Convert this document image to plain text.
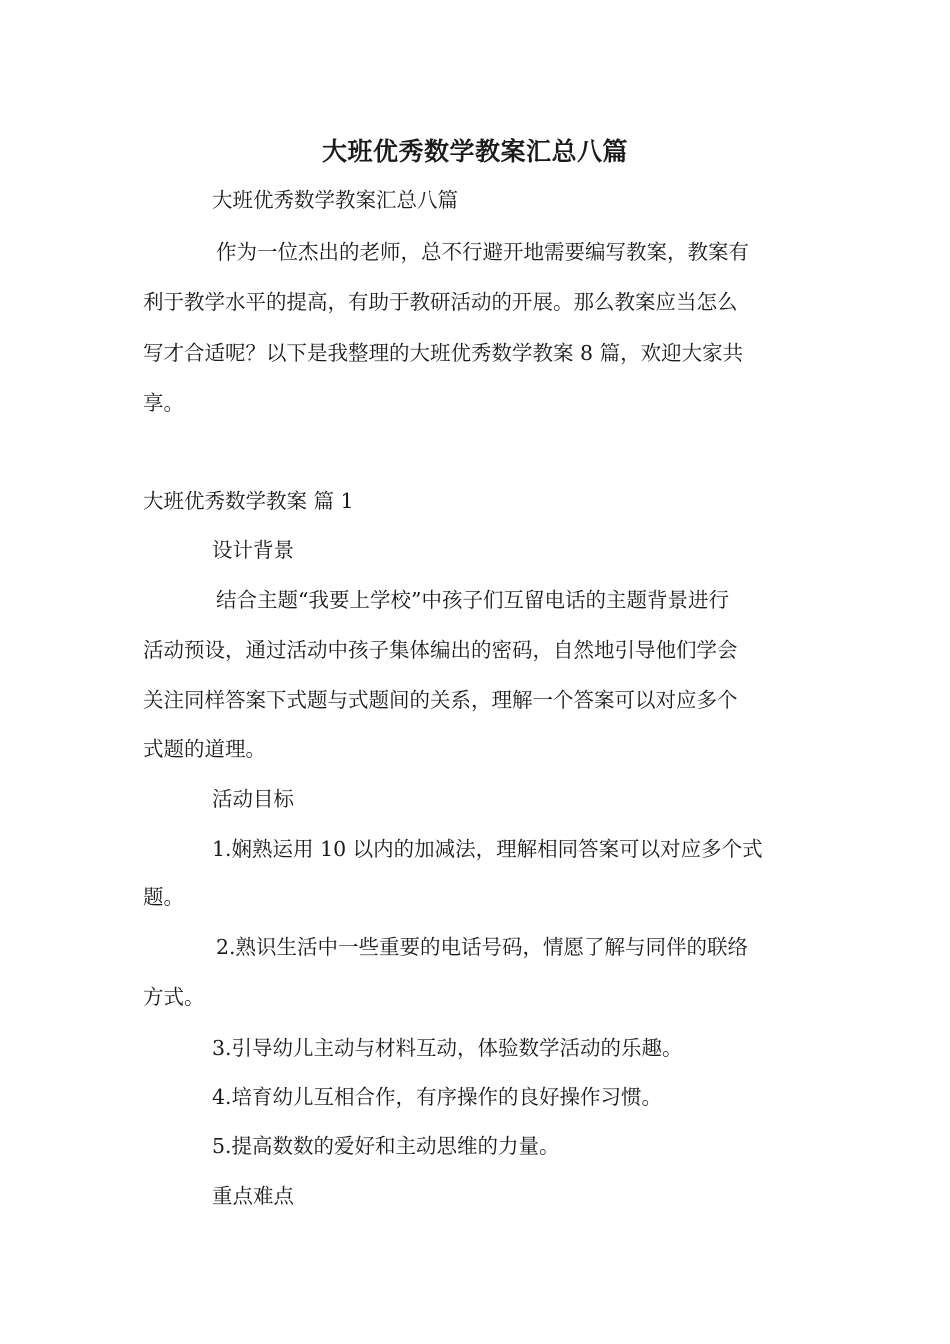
大班优秀数学教案汇总八篇
大班优秀数学教案汇总八篇
作为一位杰出的老师，总不行避开地需要编写教案，教案有
利于教学水平的提高，有助于教研活动的开展。那么教案应当怎么
写才合适呢？以下是我整理的大班优秀数学教案 8 篇，欢迎大家共
享。
大班优秀数学教案 篇 1
设计背景
结合主题“我要上学校”中孩子们互留电话的主题背景进行
活动预设，通过活动中孩子集体编出的密码，自然地引导他们学会
关注同样答案下式题与式题间的关系，理解一个答案可以对应多个
式题的道理。
活动目标
1.娴熟运用 10 以内的加减法，理解相同答案可以对应多个式
题。
2.熟识生活中一些重要的电话号码，情愿了解与同伴的联络
方式。
3.引导幼儿主动与材料互动，体验数学活动的乐趣。
4.培育幼儿互相合作，有序操作的良好操作习惯。
5.提高数数的爱好和主动思维的力量。
重点难点
